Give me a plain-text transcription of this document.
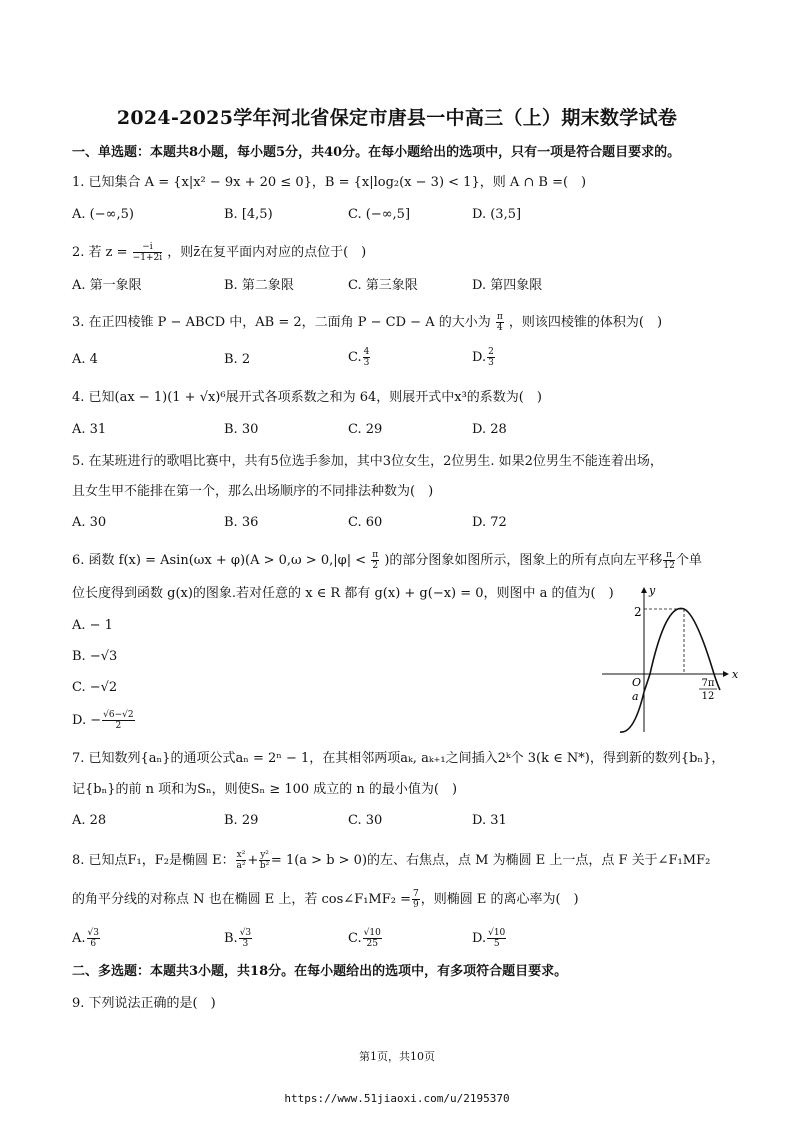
2024-2025学年河北省保定市唐县一中高三（上）期末数学试卷
一、单选题：本题共8小题，每小题5分，共40分。在每小题给出的选项中，只有一项是符合题目要求的。
1. 已知集合 A = {x|x² − 9x + 20 ≤ 0}，B = {x|log₂(x − 3) < 1}，则 A ∩ B =(　)
A. (−∞,5)	B. [4,5)	C. (−∞,5]	D. (3,5]
2. 若 $z = \frac{-i}{-1+2i}$ ，则z̄在复平面内对应的点位于(　)
A. 第一象限	B. 第二象限	C. 第三象限	D. 第四象限
3. 在正四棱锥 P − ABCD 中，AB = 2，二面角 P − CD − A 的大小为 $\frac{\pi}{4}$ ，则该四棱锥的体积为(　)
A. 4	B. 2	C. $\frac{4}{3}$	D. $\frac{2}{3}$
4. 已知(ax − 1)(1 + √x)⁶展开式各项系数之和为 64，则展开式中x³的系数为(　)
A. 31	B. 30	C. 29	D. 28
5. 在某班进行的歌唱比赛中，共有5位选手参加，其中3位女生，2位男生. 如果2位男生不能连着出场，
且女生甲不能排在第一个，那么出场顺序的不同排法种数为(　)
A. 30	B. 36	C. 60	D. 72
6. 函数 $f(x) = Asin(\omega x + \varphi)(A > 0,\omega > 0,|\varphi| < \frac{\pi}{2}$ )的部分图象如图所示，图象上的所有点向左平移 $\frac{\pi}{12}$ 个单
位长度得到函数 g(x)的图象.若对任意的 x ∈ R 都有 g(x) + g(−x) = 0，则图中 a 的值为(　)
A. − 1
B. −√3
C. −√2
D. − $\frac{√6-√2}{2}$
2
O
a
x
y
7π
12
7. 已知数列{aₙ}的通项公式aₙ = 2ⁿ − 1，在其相邻两项aₖ, aₖ₊₁之间插入2ᵏ个 3(k ∈ N*)，得到新的数列{bₙ}，
记{bₙ}的前 n 项和为Sₙ，则使Sₙ ≥ 100 成立的 n 的最小值为(　)
A. 28	B. 29	C. 30	D. 31
8. 已知点F₁，F₂是椭圆 E： $\frac{\text{x²}}{\text{a²}} + \frac{\text{y²}}{\text{b²}} = 1(a > b > 0)$的左、右焦点，点 M 为椭圆 E 上一点，点 F 关于∠F₁MF₂
的角平分线的对称点 N 也在椭圆 E 上，若 cos∠F₁MF₂ = $\frac{7}{9}$ ，则椭圆 E 的离心率为(　)
A. $\frac{√3}{6}$	B. $\frac{√3}{3}$	C. $\frac{√10}{25}$	D. $\frac{√10}{5}$
二、多选题：本题共3小题，共18分。在每小题给出的选项中，有多项符合题目要求。
9. 下列说法正确的是(　)
第1页，共10页
https://www.51jiaoxi.com/u/2195370
